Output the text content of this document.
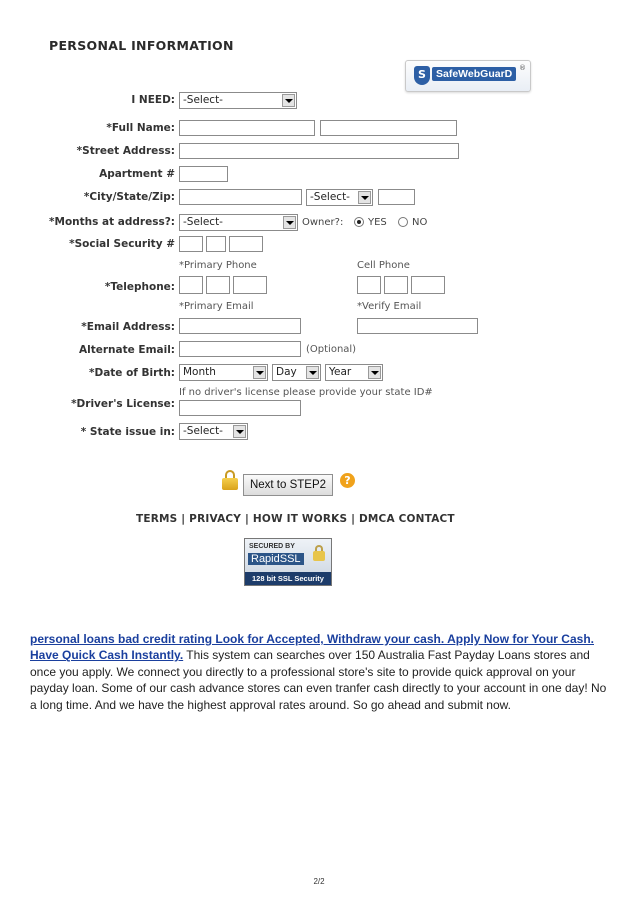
PERSONAL INFORMATION
S SafeWebGuarD ®
I NEED: -Select-
*Full Name:
*Street Address:
Apartment #
*City/State/Zip:	-Select-
*Months at address?: -Select-	Owner?: YES	NO
*Social Security #
*Primary Phone	Cell Phone
*Telephone:
*Primary Email	*Verify Email
*Email Address:
Alternate Email:	(Optional)
*Date of Birth: Month	Day	Year
If no driver's license please provide your state ID#
*Driver's License:
* State issue in: -Select-
Next to STEP2	?
TERMS | PRIVACY | HOW IT WORKS | DMCA CONTACT
SECURED BY
RapidSSL
128 bit SSL Security
personal loans bad credit rating Look for Accepted, Withdraw your cash. Apply Now for Your Cash.
Have Quick Cash Instantly. This system can searches over 150 Australia Fast Payday Loans stores and once you apply. We connect you directly to a professional store's site to provide quick approval on your payday loan. Some of our cash advance stores can even tranfer cash directly to your account in one day! No a long time. And we have the highest approval rates around. So go ahead and submit now.
2/2
